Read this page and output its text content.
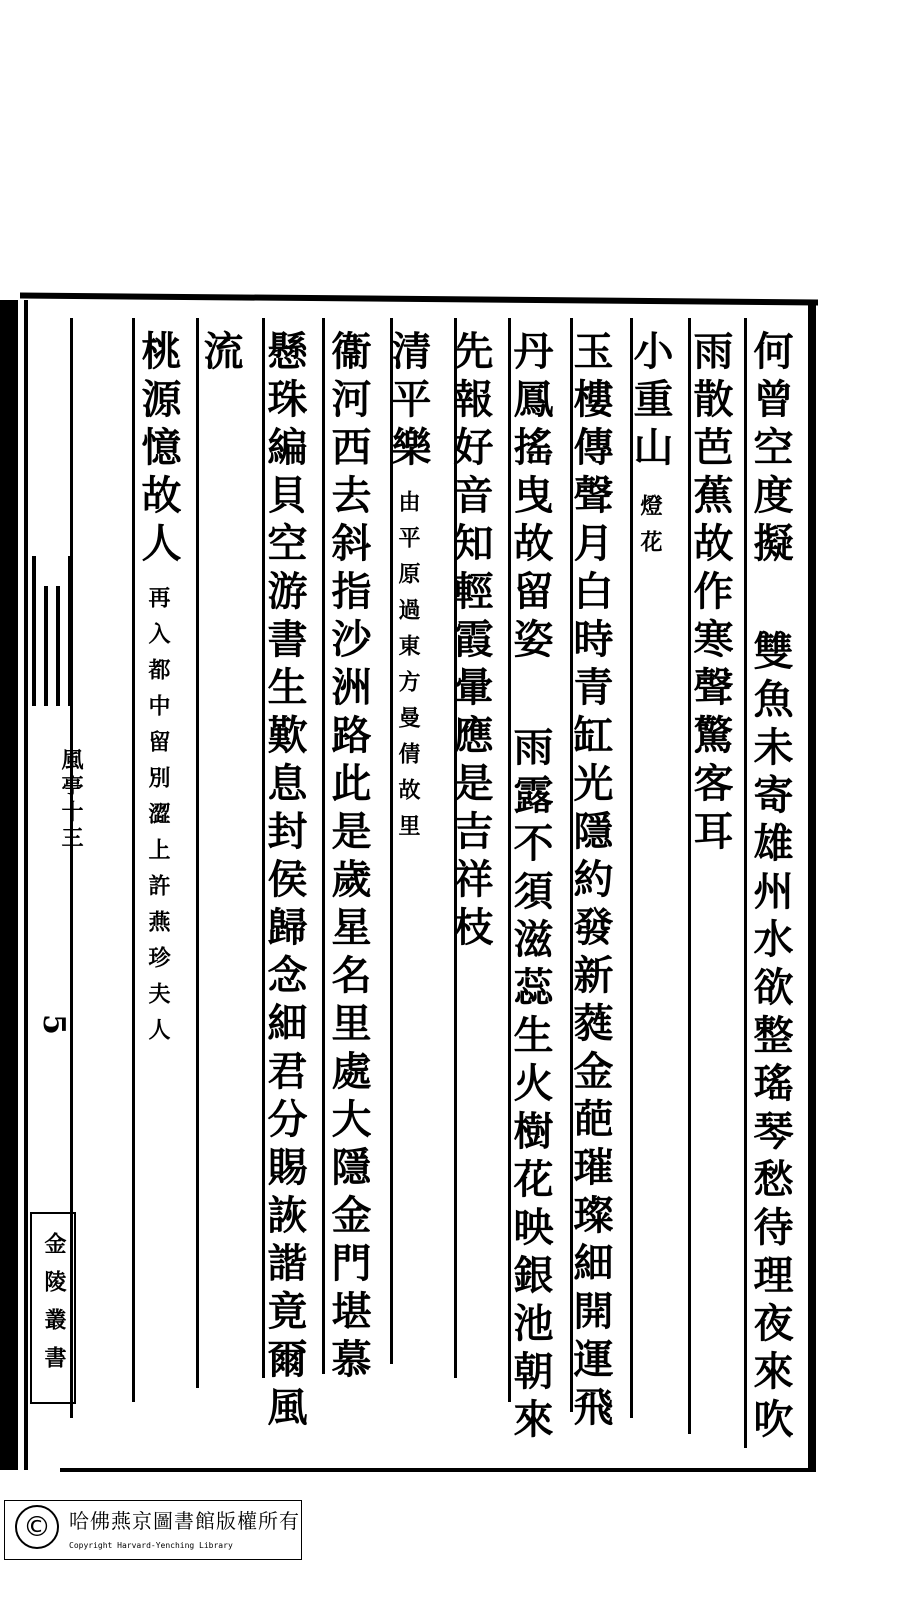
何曾空度擬雙魚未寄雄州水欲整瑤琴愁待理夜來吹
雨散芭蕉故作寒聲驚客耳
小重山燈花
玉樓傳聲月白時青缸光隱約發新蕤金葩璀璨細開運飛
丹鳳搖曳故留姿雨露不須滋蕊生火樹花映銀池朝來
先報好音知輕霞暈應是吉祥枝
清平樂由平原過東方曼倩故里
衞河西去斜指沙洲路此是歲星名里處大隱金門堪慕
懸珠編貝空游書生歎息封侯歸念細君分賜詼諧竟爾風
流
桃源憶故人再入都中留別澀上許燕珍夫人
風亭十三
5
金陵叢書
© 哈佛燕京圖書館版權所有
Copyright Harvard-Yenching Library
